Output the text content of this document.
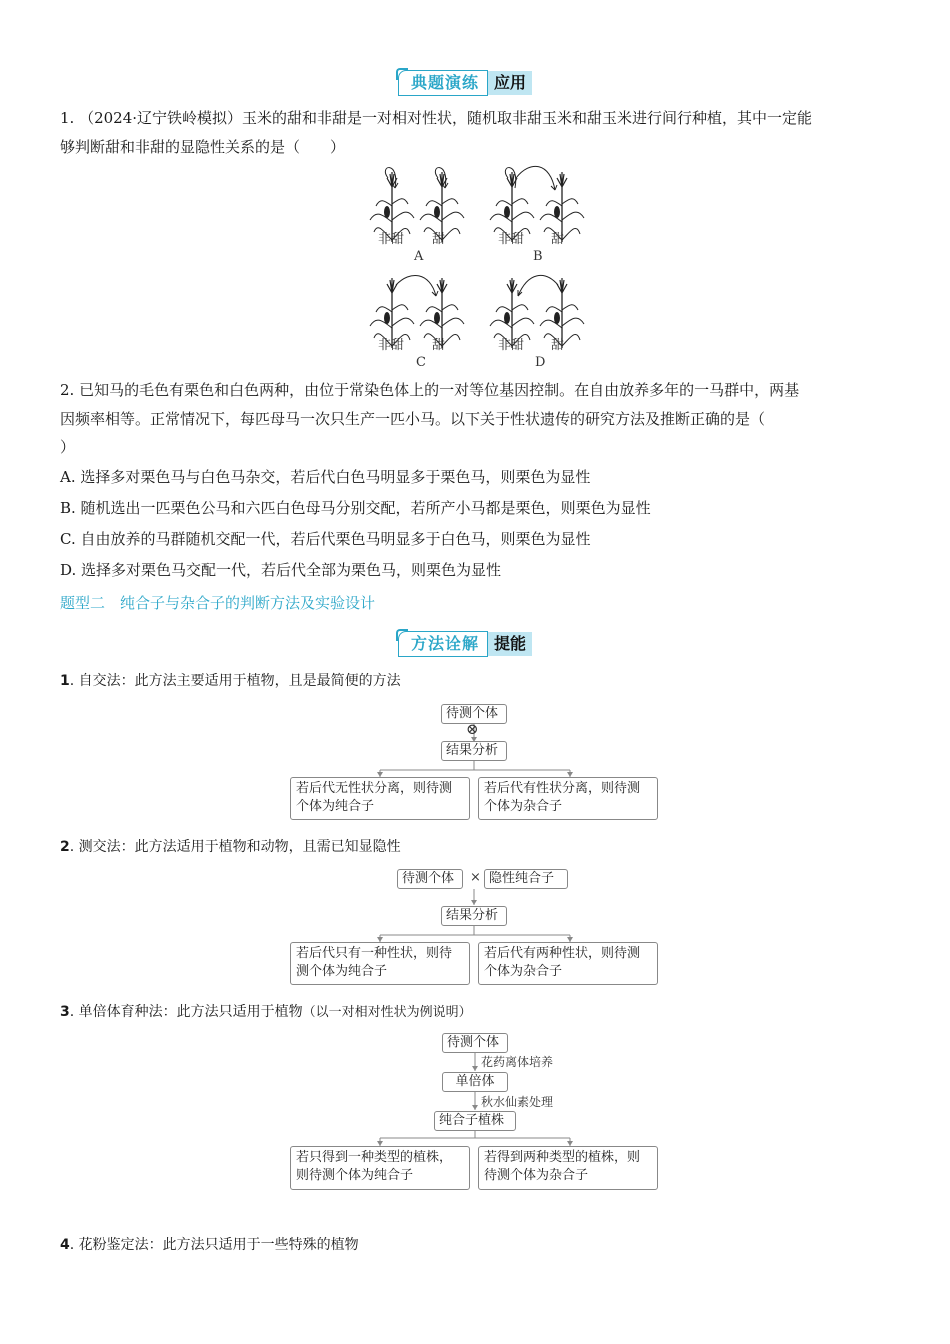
典题演练 应用
1. （2024·辽宁铁岭模拟）玉米的甜和非甜是一对相对性状，随机取非甜玉米和甜玉米进行间行种植，其中一定能
够判断甜和非甜的显隐性关系的是（　　）
非甜 甜
A
非甜 甜
B
非甜 甜
C
非甜 甜
D
2. 已知马的毛色有栗色和白色两种，由位于常染色体上的一对等位基因控制。在自由放养多年的一马群中，两基
因频率相等。正常情况下，每匹母马一次只生产一匹小马。以下关于性状遗传的研究方法及推断正确的是（
）
A. 选择多对栗色马与白色马杂交，若后代白色马明显多于栗色马，则栗色为显性
B. 随机选出一匹栗色公马和六匹白色母马分别交配，若所产小马都是栗色，则栗色为显性
C. 自由放养的马群随机交配一代，若后代栗色马明显多于白色马，则栗色为显性
D. 选择多对栗色马交配一代，若后代全部为栗色马，则栗色为显性
题型二　纯合子与杂合子的判断方法及实验设计
方法诠解 提能
1. 自交法：此方法主要适用于植物，且是最简便的方法
待测个体
⊗
结果分析
若后代无性状分离，则待测个体为纯合子
若后代有性状分离，则待测个体为杂合子
2. 测交法：此方法适用于植物和动物，且需已知显隐性
待测个体	× 隐性纯合子
结果分析
若后代只有一种性状，则待测个体为纯合子
若后代有两种性状，则待测个体为杂合子
3. 单倍体育种法：此方法只适用于植物（以一对相对性状为例说明）
待测个体
花药离体培养
单倍体
秋水仙素处理
纯合子植株
若只得到一种类型的植株，则待测个体为纯合子
若得到两种类型的植株，则待测个体为杂合子
4. 花粉鉴定法：此方法只适用于一些特殊的植物
